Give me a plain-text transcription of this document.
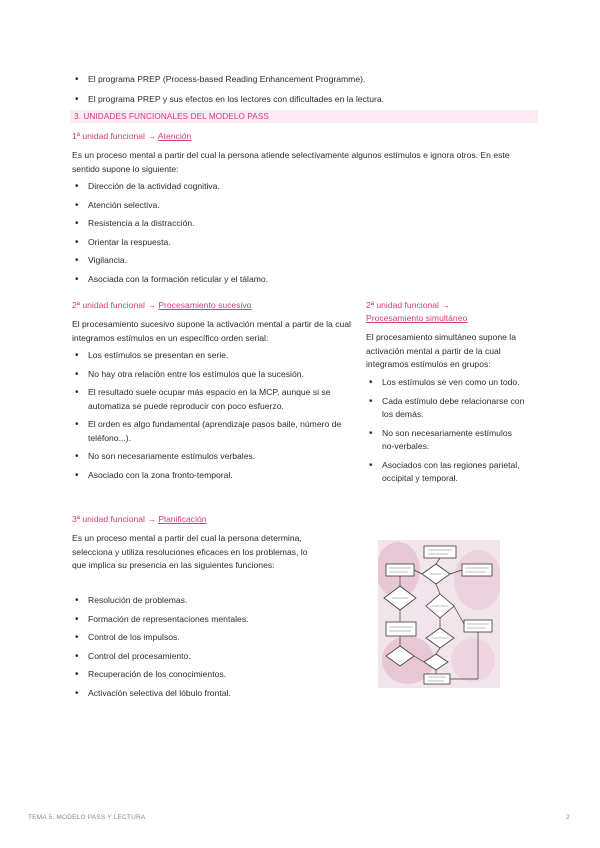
• El programa PREP (Process-based Reading Enhancement Programme).
• El programa PREP y sus efectos en los lectores con dificultades en la lectura.
3. UNIDADES FUNCIONALES DEL MODELO PASS
1ª unidad funcional → Atención

Es un proceso mental a partir del cual la persona atiende selectivamente algunos estímulos e ignora otros. En este sentido supone lo siguiente:

• Dirección de la actividad cognitiva.
• Atención selectiva.
• Resistencia a la distracción.
• Orientar la respuesta.
• Vigilancia.
• Asociada con la formación reticular y el tálamo.
2ª unidad funcional → Procesamiento sucesivo

El procesamiento sucesivo supone la activación mental a partir de la cual integramos estímulos en un específico orden serial:

• Los estímulos se presentan en serie.
• No hay otra relación entre los estímulos que la sucesión.
• El resultado suele ocupar más espacio en la MCP, aunque si se automatiza se puede reproducir con poco esfuerzo.
• El orden es algo fundamental (aprendizaje pasos baile, número de teléfono...).
• No son necesariamente estímulos verbales.
• Asociado con la zona fronto-temporal.
2ª unidad funcional →
Procesamiento simultáneo

El procesamiento simultáneo supone la activación mental a partir de la cual integramos estímulos en grupos:

• Los estímulos se ven como un todo.
• Cada estímulo debe relacionarse con los demás.
• No son necesariamente estímulos no-verbales.
• Asociados con las regiones parietal, occipital y temporal.
3ª unidad funcional → Planificación

Es un proceso mental a partir del cual la persona determina, selecciona y utiliza resoluciones eficaces en los problemas, lo que implica su presencia en las siguientes funciones:

• Resolución de problemas.
• Formación de representaciones mentales.
• Control de los impulsos.
• Control del procesamiento.
• Recuperación de los conocimientos.
• Activación selectiva del lóbulo frontal.
TEMA 5. MODELO PASS Y LECTURA	2
